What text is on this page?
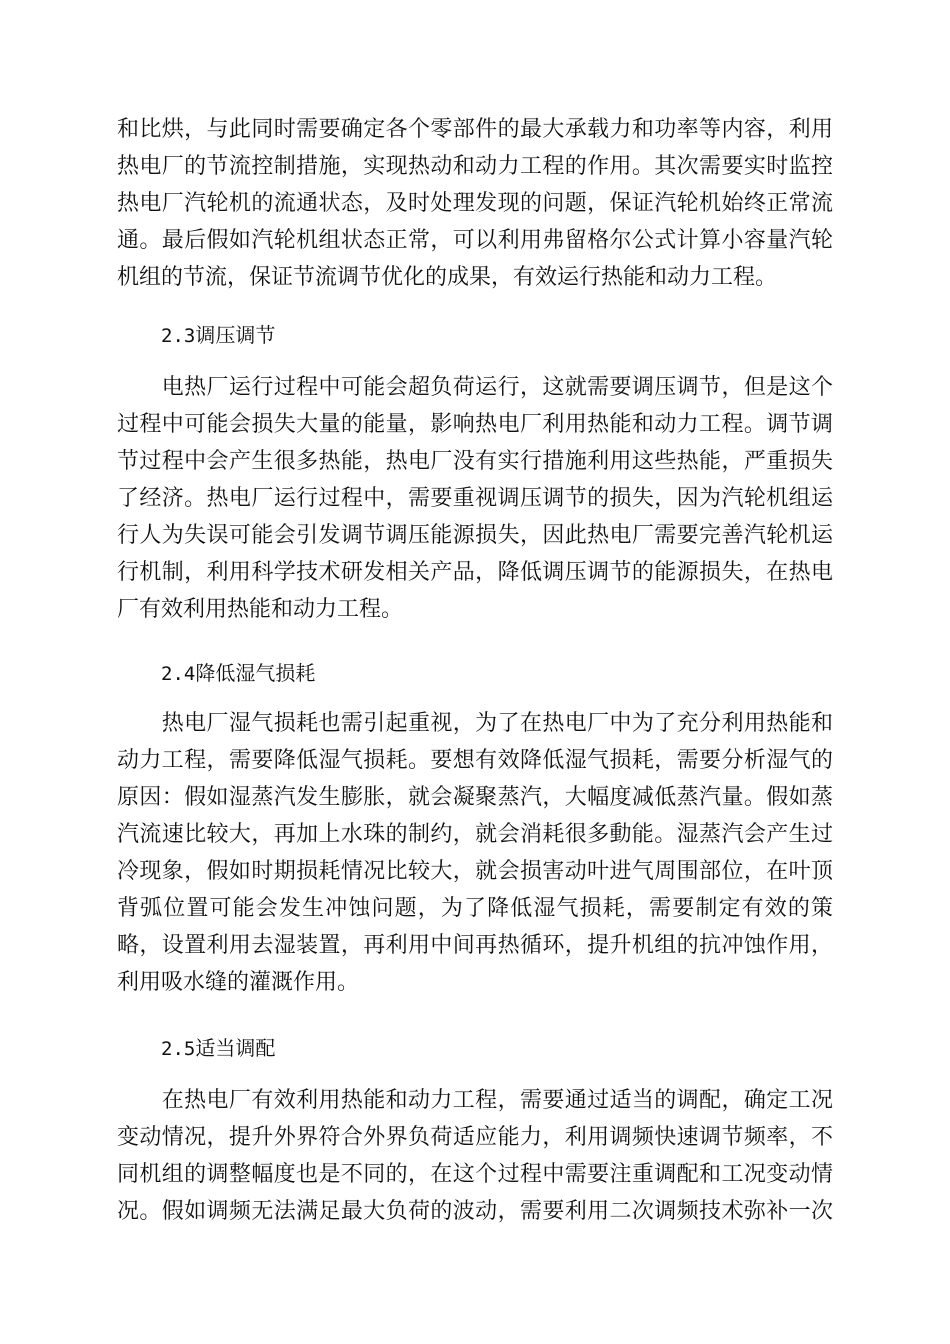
和比烘，与此同时需要确定各个零部件的最大承载力和功率等内容，利用
热电厂的节流控制措施，实现热动和动力工程的作用。其次需要实时监控
热电厂汽轮机的流通状态，及时处理发现的问题，保证汽轮机始终正常流
通。最后假如汽轮机组状态正常，可以利用弗留格尔公式计算小容量汽轮
机组的节流，保证节流调节优化的成果，有效运行热能和动力工程。
2.3调压调节
　　电热厂运行过程中可能会超负荷运行，这就需要调压调节，但是这个
过程中可能会损失大量的能量，影响热电厂利用热能和动力工程。调节调
节过程中会产生很多热能，热电厂没有实行措施利用这些热能，严重损失
了经济。热电厂运行过程中，需要重视调压调节的损失，因为汽轮机组运
行人为失误可能会引发调节调压能源损失，因此热电厂需要完善汽轮机运
行机制，利用科学技术研发相关产品，降低调压调节的能源损失，在热电
厂有效利用热能和动力工程。
2.4降低湿气损耗
　　热电厂湿气损耗也需引起重视，为了在热电厂中为了充分利用热能和
动力工程，需要降低湿气损耗。要想有效降低湿气损耗，需要分析湿气的
原因：假如湿蒸汽发生膨胀，就会凝聚蒸汽，大幅度减低蒸汽量。假如蒸
汽流速比较大，再加上水珠的制约，就会消耗很多動能。湿蒸汽会产生过
冷现象，假如时期损耗情况比较大，就会损害动叶进气周围部位，在叶顶
背弧位置可能会发生冲蚀问题，为了降低湿气损耗，需要制定有效的策
略，设置利用去湿装置，再利用中间再热循环，提升机组的抗冲蚀作用，
利用吸水缝的灌溉作用。
2.5适当调配
　　在热电厂有效利用热能和动力工程，需要通过适当的调配，确定工况
变动情况，提升外界符合外界负荷适应能力，利用调频快速调节频率，不
同机组的调整幅度也是不同的，在这个过程中需要注重调配和工况变动情
况。假如调频无法满足最大负荷的波动，需要利用二次调频技术弥补一次
